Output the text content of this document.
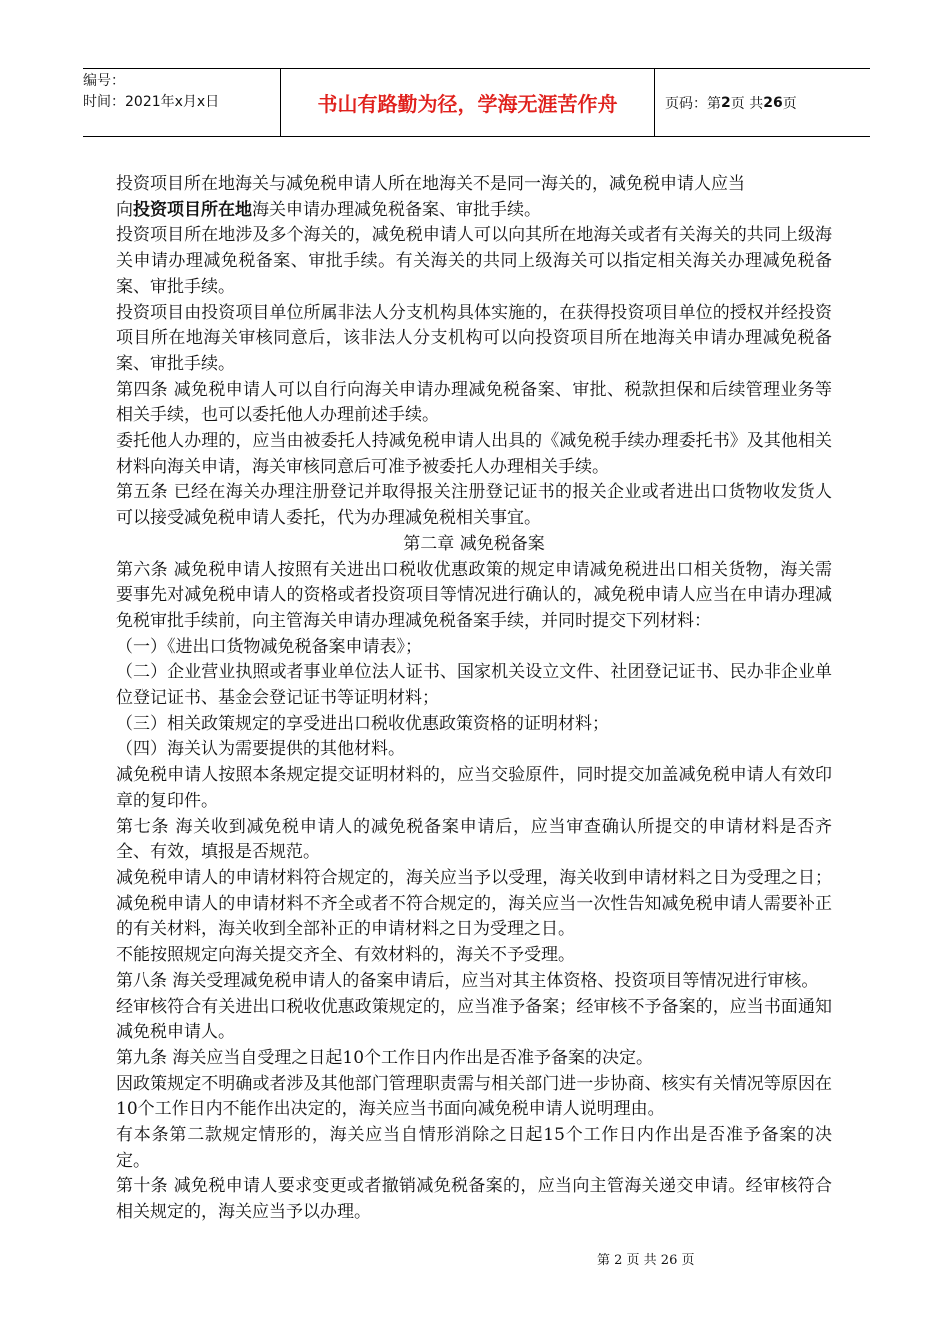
编号：
时间：2021年x月x日	书山有路勤为径，学海无涯苦作舟	页码：第 2 页 共 26 页

投资项目所在地海关与减免税申请人所在地海关不是同一海关的，减免税申请人应当

向投资项目所在地海关申请办理减免税备案、审批手续。

投资项目所在地涉及多个海关的，减免税申请人可以向其所在地海关或者有关海关的共同上级海关申请办理减免税备案、审批手续。有关海关的共同上级海关可以指定相关海关办理减免税备案、审批手续。

投资项目由投资项目单位所属非法人分支机构具体实施的，在获得投资项目单位的授权并经投资项目所在地海关审核同意后，该非法人分支机构可以向投资项目所在地海关申请办理减免税备案、审批手续。

第四条 减免税申请人可以自行向海关申请办理减免税备案、审批、税款担保和后续管理业务等相关手续，也可以委托他人办理前述手续。

委托他人办理的，应当由被委托人持减免税申请人出具的《减免税手续办理委托书》及其他相关材料向海关申请，海关审核同意后可准予被委托人办理相关手续。

第五条 已经在海关办理注册登记并取得报关注册登记证书的报关企业或者进出口货物收发货人可以接受减免税申请人委托，代为办理减免税相关事宜。

第二章 减免税备案

第六条 减免税申请人按照有关进出口税收优惠政策的规定申请减免税进出口相关货物，海关需要事先对减免税申请人的资格或者投资项目等情况进行确认的，减免税申请人应当在申请办理减免税审批手续前，向主管海关申请办理减免税备案手续，并同时提交下列材料：

（一）《进出口货物减免税备案申请表》；

（二）企业营业执照或者事业单位法人证书、国家机关设立文件、社团登记证书、民办非企业单位登记证书、基金会登记证书等证明材料；

（三）相关政策规定的享受进出口税收优惠政策资格的证明材料；

（四）海关认为需要提供的其他材料。

减免税申请人按照本条规定提交证明材料的，应当交验原件，同时提交加盖减免税申请人有效印章的复印件。

第七条 海关收到减免税申请人的减免税备案申请后，应当审查确认所提交的申请材料是否齐全、有效，填报是否规范。

减免税申请人的申请材料符合规定的，海关应当予以受理，海关收到申请材料之日为受理之日；减免税申请人的申请材料不齐全或者不符合规定的，海关应当一次性告知减免税申请人需要补正的有关材料，海关收到全部补正的申请材料之日为受理之日。

不能按照规定向海关提交齐全、有效材料的，海关不予受理。

第八条 海关受理减免税申请人的备案申请后，应当对其主体资格、投资项目等情况进行审核。

经审核符合有关进出口税收优惠政策规定的，应当准予备案；经审核不予备案的，应当书面通知减免税申请人。

第九条 海关应当自受理之日起10个工作日内作出是否准予备案的决定。

因政策规定不明确或者涉及其他部门管理职责需与相关部门进一步协商、核实有关情况等原因在10个工作日内不能作出决定的，海关应当书面向减免税申请人说明理由。

有本条第二款规定情形的，海关应当自情形消除之日起15个工作日内作出是否准予备案的决定。

第十条 减免税申请人要求变更或者撤销减免税备案的，应当向主管海关递交申请。经审核符合相关规定的，海关应当予以办理。

第 2 页 共 26 页
